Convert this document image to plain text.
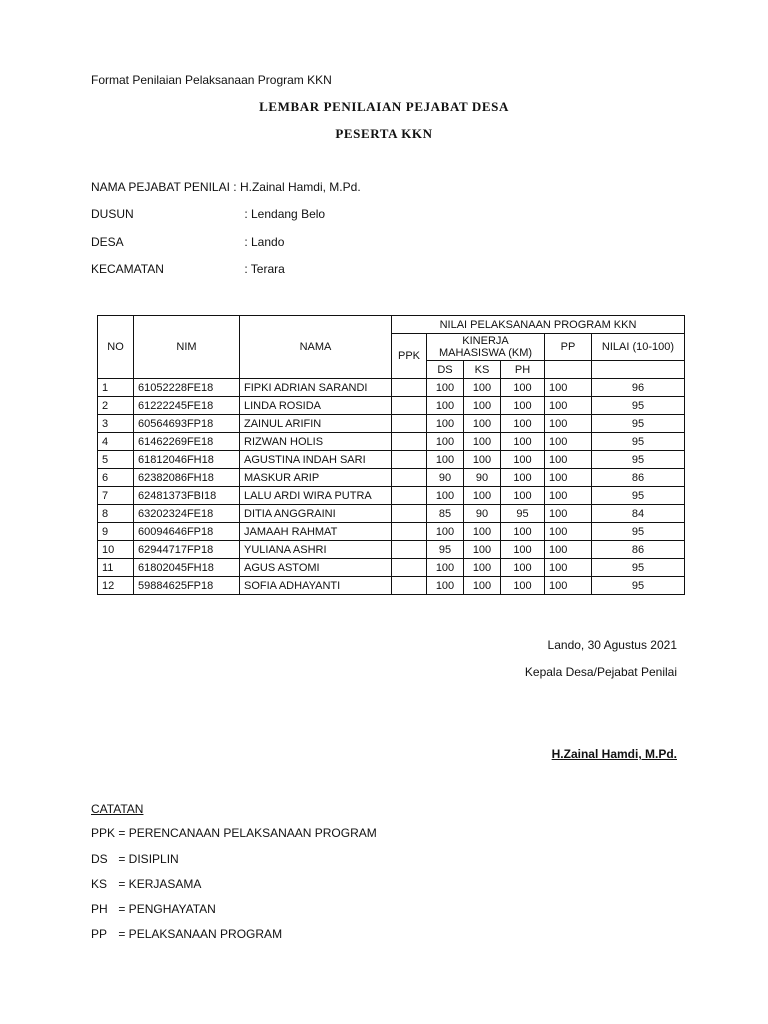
Format Penilaian Pelaksanaan Program KKN
LEMBAR PENILAIAN PEJABAT DESA
PESERTA KKN
NAMA PEJABAT PENILAI : H.Zainal Hamdi, M.Pd.
DUSUN	: Lendang Belo
DESA	: Lando
KECAMATAN	: Terara
NO	NIM	NAMA	NILAI PELAKSANAAN PROGRAM KKN					
			PPK	KINERJA MAHASISWA (KM)			PP	NILAI (10-100)
				DS	KS	PH		
1	61052228FE18	FIPKI ADRIAN SARANDI		100	100	100	100	96
2	61222245FE18	LINDA ROSIDA		100	100	100	100	95
3	60564693FP18	ZAINUL ARIFIN		100	100	100	100	95
4	61462269FE18	RIZWAN HOLIS		100	100	100	100	95
5	61812046FH18	AGUSTINA INDAH SARI		100	100	100	100	95
6	62382086FH18	MASKUR ARIP		90	90	100	100	86
7	62481373FBI18	LALU ARDI WIRA PUTRA		100	100	100	100	95
8	63202324FE18	DITIA ANGGRAINI		85	90	95	100	84
9	60094646FP18	JAMAAH RAHMAT		100	100	100	100	95
10	62944717FP18	YULIANA ASHRI		95	100	100	100	86
11	61802045FH18	AGUS ASTOMI		100	100	100	100	95
12	59884625FP18	SOFIA ADHAYANTI		100	100	100	100	95
Lando, 30 Agustus 2021
Kepala Desa/Pejabat Penilai
H.Zainal Hamdi, M.Pd.
CATATAN
PPK = PERENCANAAN PELAKSANAAN PROGRAM
DS = DISIPLIN
KS = KERJASAMA
PH = PENGHAYATAN
PP = PELAKSANAAN PROGRAM
